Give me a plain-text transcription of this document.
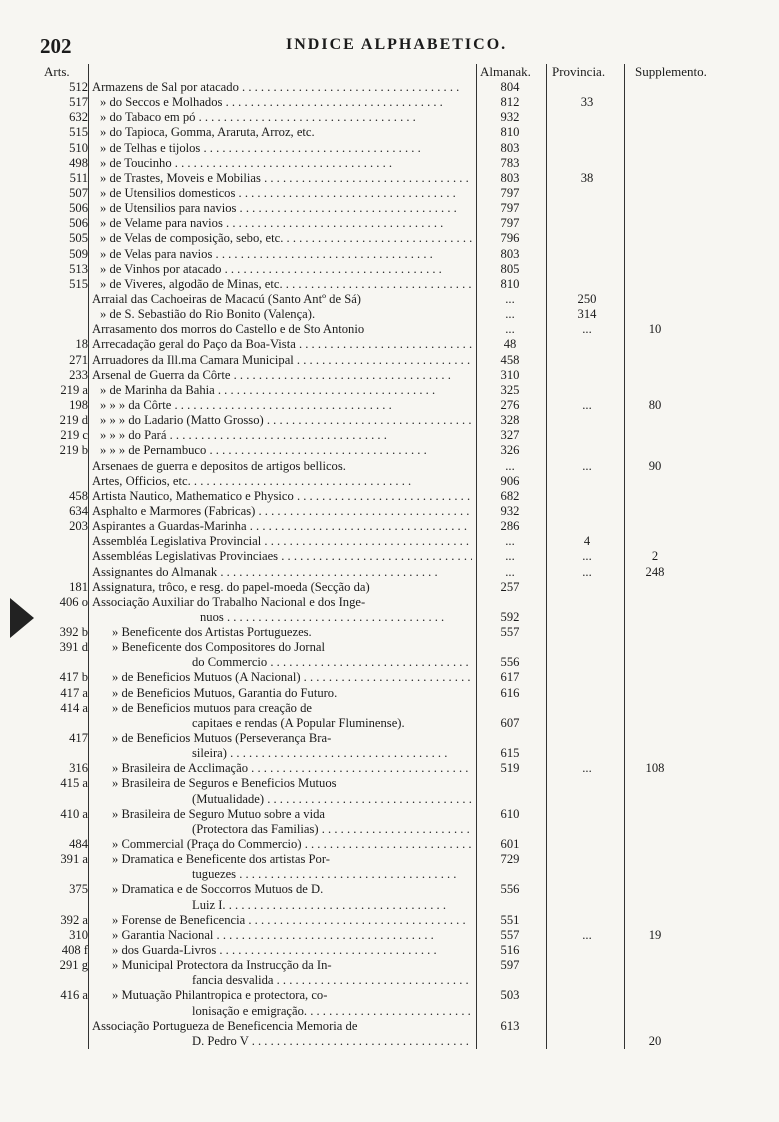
202	INDICE ALPHABETICO.
Arts.	Almanak. Provincia. Supplemento.
512 Armazens de Sal por atacado . . .	804
517 » do Seccos e Molhados . . .	812	33
632 » do Tabaco em pó . . .	932
515 » do Tapioca, Gomma, Araruta, Arroz, etc.	810
510 » de Telhas e tijolos . . .	803
498 » de Toucinho . . .	783
511 » de Trastes, Moveis e Mobilias . . .	803	38
507 » de Utensilios domesticos . . .	797
506 » de Utensilios para navios . . .	797
506 » de Velame para navios . . .	797
505 » de Velas de composição, sebo, etc. . . .	796
509 » de Velas para navios . . .	803
513 » de Vinhos por atacado . . .	805
515 » de Viveres, algodão de Minas, etc. . . .	810
Arraial das Cachoeiras de Macacú (Santo Antº de Sá)	...	250
» de S. Sebastião do Rio Bonito (Valença).	...	314
Arrasamento dos morros do Castello e de Sto Antonio	...	...	10
18 Arrecadação geral do Paço da Boa-Vista . . .	48
271 Arruadores da Ill.ma Camara Municipal . . .	458
233 Arsenal de Guerra da Côrte . . .	310
219 a » de Marinha da Bahia . . .	325
198 » » » da Côrte . . .	276	...	80
219 d » » » do Ladario (Matto Grosso) . . .	328
219 c » » » do Pará . . .	327
219 b » » » de Pernambuco . . .	326
Arsenaes de guerra e depositos de artigos bellicos.	...	...	90
Artes, Officios, etc. . . .	906
458 Artista Nautico, Mathematico e Physico . . .	682
634 Asphalto e Marmores (Fabricas) . . .	932
203 Aspirantes a Guardas-Marinha . . .	286
Assembléa Legislativa Provincial . . .	...	4
Assembléas Legislativas Provinciaes . . .	...	...	2
Assignantes do Almanak . . .	...	...	248
181 Assignatura, trôco, e resg. do papel-moeda (Secção da)	257
406 o Associação Auxiliar do Trabalho Nacional e dos Inge-
nuos . . .	592
392 b » Beneficente dos Artistas Portuguezes.	557
391 d » Beneficente dos Compositores do Jornal
do Commercio . . .	556
417 b » de Beneficios Mutuos (A Nacional) . . .	617
417 a » de Beneficios Mutuos, Garantia do Futuro.	616
414 a » de Beneficios mutuos para creação de
capitaes e rendas (A Popular Fluminense).	607
417 » de Beneficios Mutuos (Perseverança Bra-
sileira) . . .	615
316 » Brasileira de Acclimação . . .	519	...	108
415 a » Brasileira de Seguros e Beneficios Mutuos
(Mutualidade) . . .
410 a » Brasileira de Seguro Mutuo sobre a vida	610
(Protectora das Familias) . . .
484 » Commercial (Praça do Commercio) . . .	601
391 a » Dramatica e Beneficente dos artistas Por-	729
tuguezes . . .
375 » Dramatica e de Soccorros Mutuos de D.	556
Luiz I. . . .
392 a » Forense de Beneficencia . . .	551
310 » Garantia Nacional . . .	557	...	19
408 f » dos Guarda-Livros . . .	516
291 g » Municipal Protectora da Instrucção da In-	597
fancia desvalida . . .
416 a » Mutuação Philantropica e protectora, co-	503
lonisação e emigração. . . .
Associação Portugueza de Beneficencia Memoria de	613
D. Pedro V . . .	20
